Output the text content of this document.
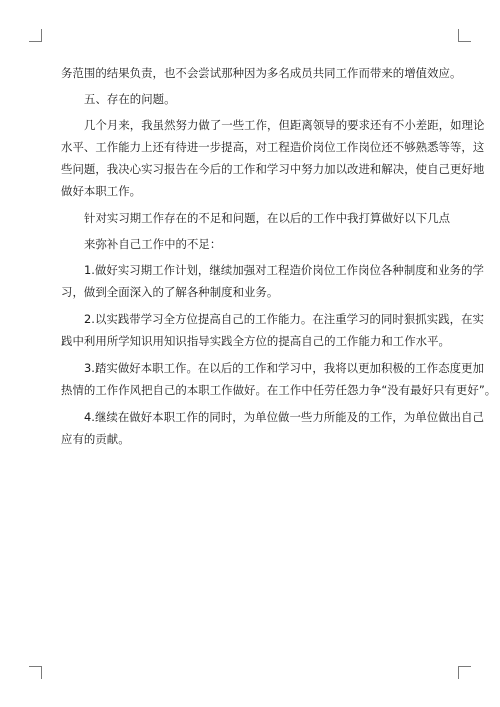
务范围的结果负责，也不会尝试那种因为多名成员共同工作而带来的增值效应。
五、存在的问题。
几个月来，我虽然努力做了一些工作，但距离领导的要求还有不小差距，如理论
水平、工作能力上还有待进一步提高，对工程造价岗位工作岗位还不够熟悉等等，这
些问题，我决心实习报告在今后的工作和学习中努力加以改进和解决，使自己更好地
做好本职工作。
针对实习期工作存在的不足和问题，在以后的工作中我打算做好以下几点
来弥补自己工作中的不足：
1.做好实习期工作计划，继续加强对工程造价岗位工作岗位各种制度和业务的学
习，做到全面深入的了解各种制度和业务。
2.以实践带学习全方位提高自己的工作能力。在注重学习的同时狠抓实践，在实
践中利用所学知识用知识指导实践全方位的提高自己的工作能力和工作水平。
3.踏实做好本职工作。在以后的工作和学习中，我将以更加积极的工作态度更加
热情的工作作风把自己的本职工作做好。在工作中任劳任怨力争“没有最好只有更好”。
4.继续在做好本职工作的同时，为单位做一些力所能及的工作，为单位做出自己
应有的贡献。
